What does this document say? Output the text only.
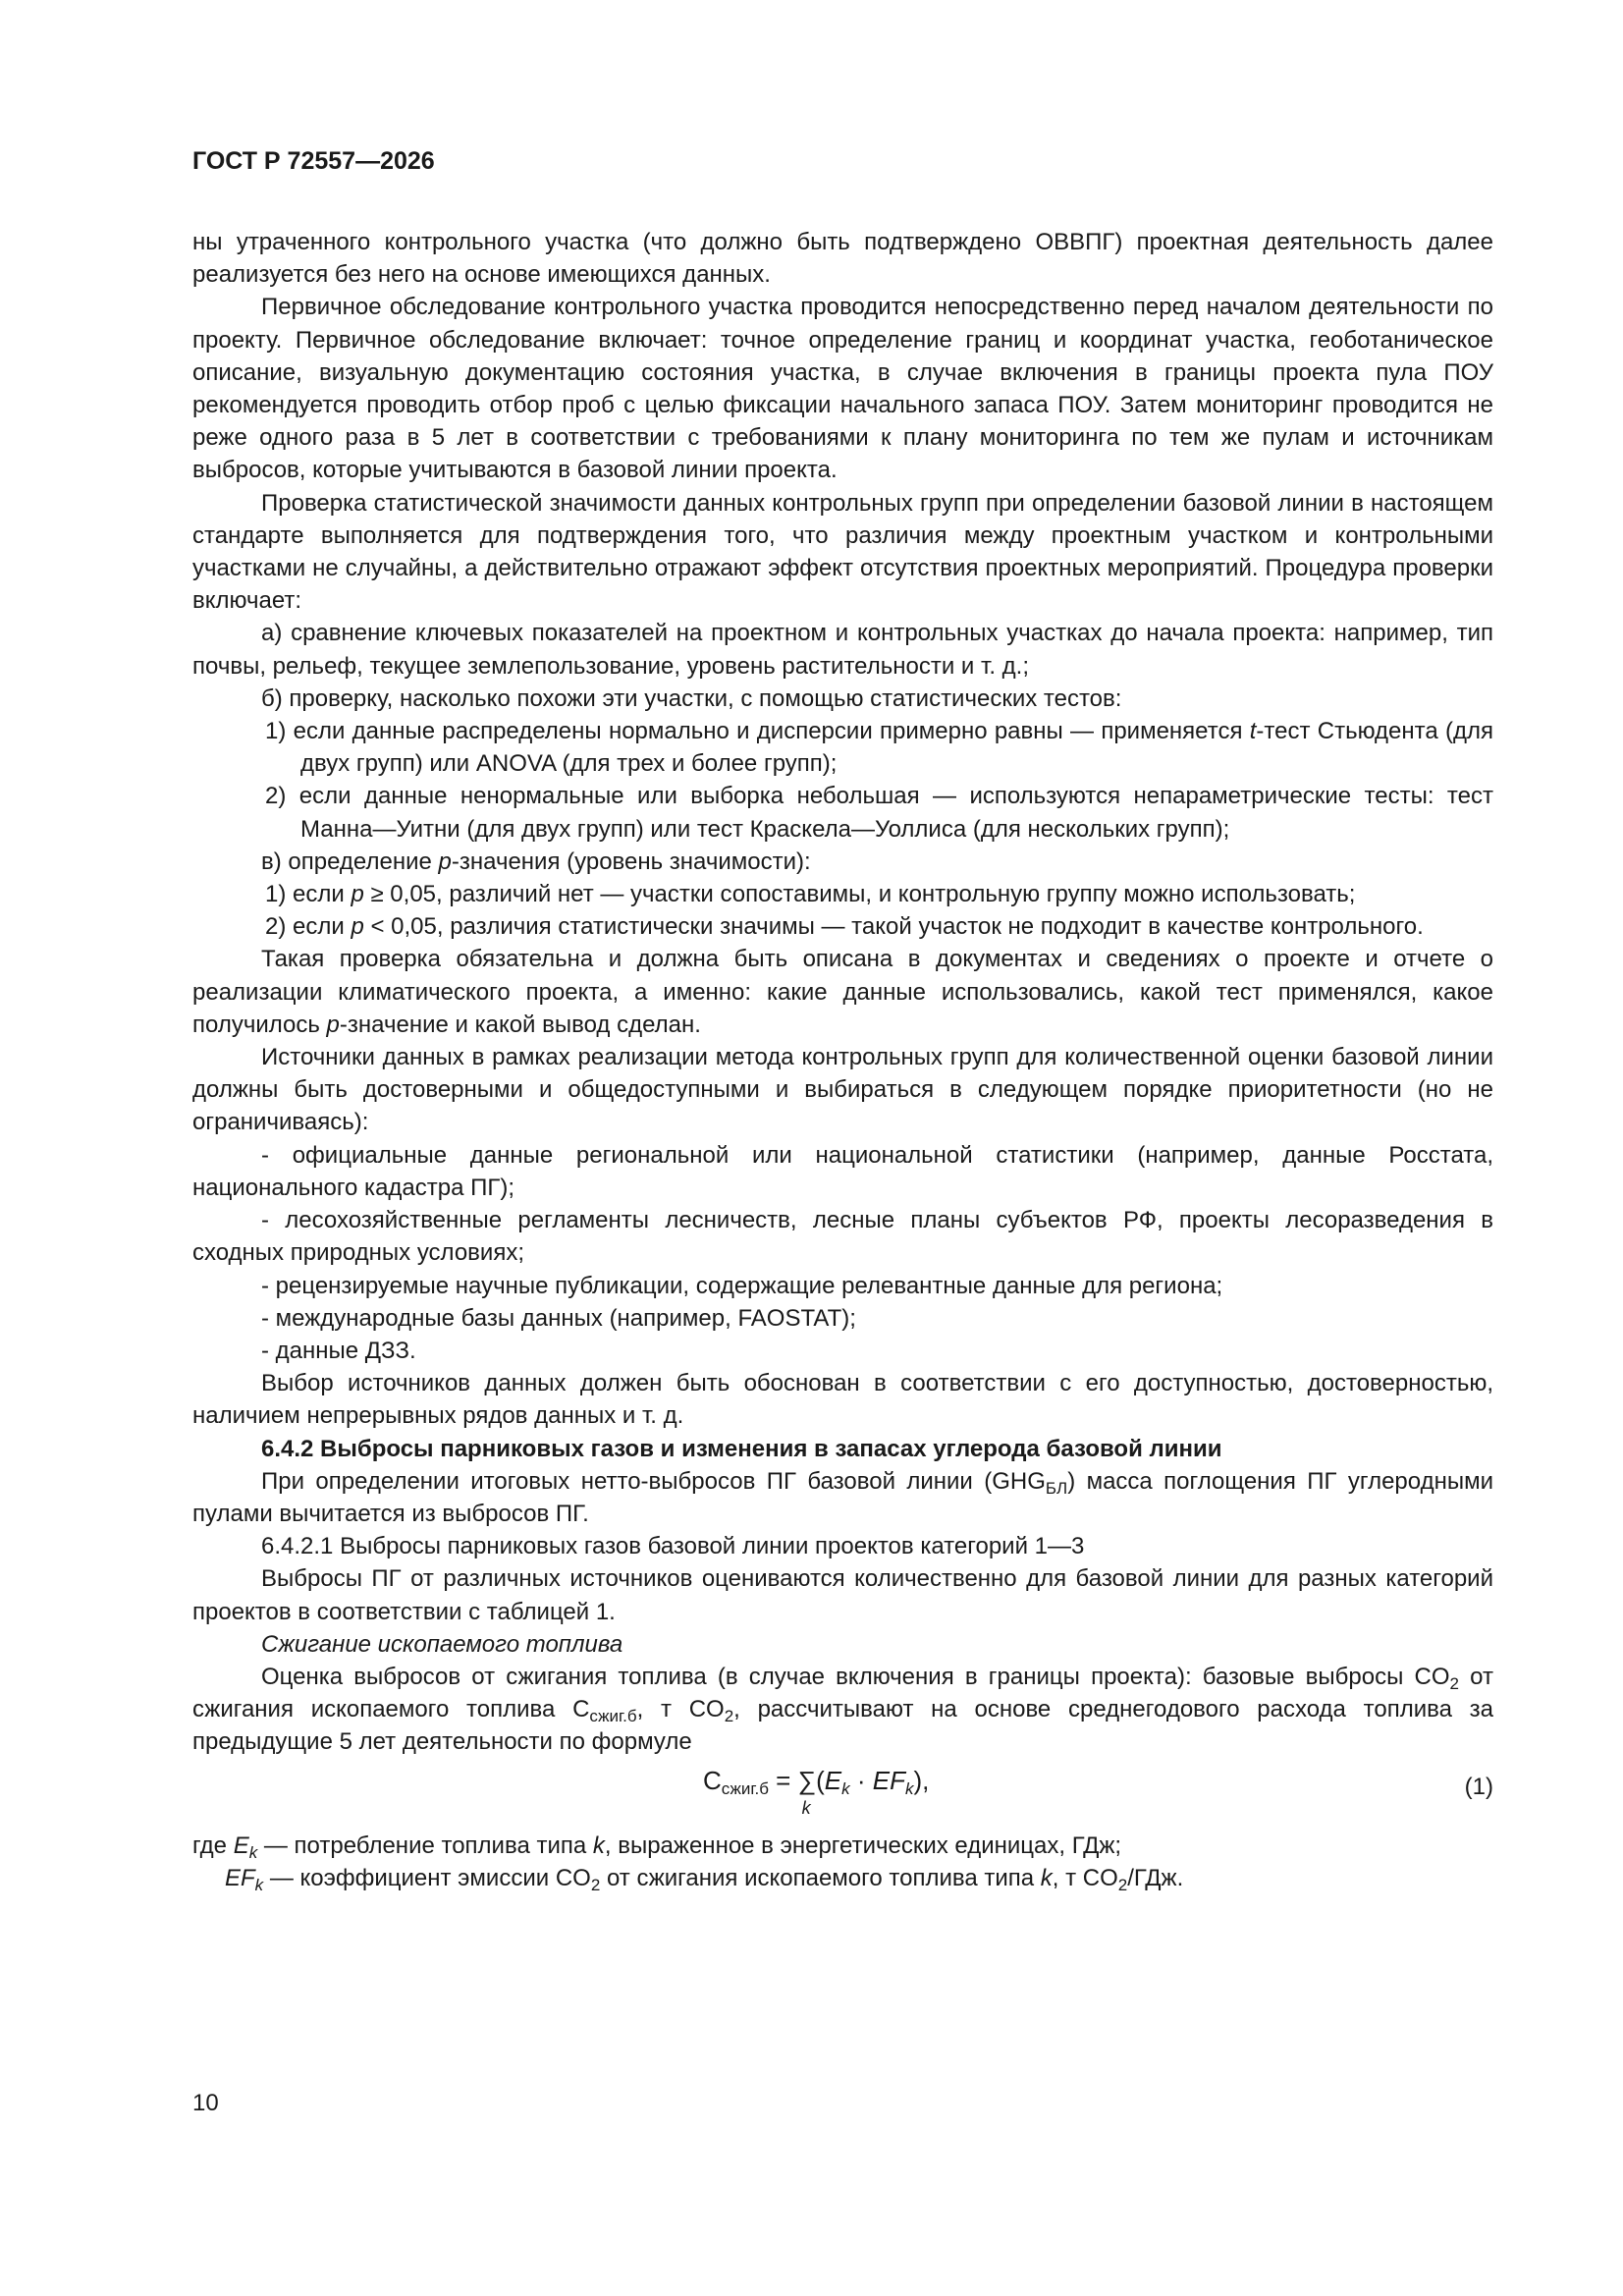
ГОСТ Р 72557—2026

ны утраченного контрольного участка (что должно быть подтверждено ОВВПГ) проектная деятельность далее реализуется без него на основе имеющихся данных.

Первичное обследование контрольного участка проводится непосредственно перед началом деятельности по проекту. Первичное обследование включает: точное определение границ и координат участка, геоботаническое описание, визуальную документацию состояния участка, в случае включения в границы проекта пула ПОУ рекомендуется проводить отбор проб с целью фиксации начального запаса ПОУ. Затем мониторинг проводится не реже одного раза в 5 лет в соответствии с требованиями к плану мониторинга по тем же пулам и источникам выбросов, которые учитываются в базовой линии проекта.

Проверка статистической значимости данных контрольных групп при определении базовой линии в настоящем стандарте выполняется для подтверждения того, что различия между проектным участком и контрольными участками не случайны, а действительно отражают эффект отсутствия проектных мероприятий. Процедура проверки включает:

а) сравнение ключевых показателей на проектном и контрольных участках до начала проекта: например, тип почвы, рельеф, текущее землепользование, уровень растительности и т. д.;

б) проверку, насколько похожи эти участки, с помощью статистических тестов:

1) если данные распределены нормально и дисперсии примерно равны — применяется t-тест Стьюдента (для двух групп) или ANOVA (для трех и более групп);

2) если данные ненормальные или выборка небольшая — используются непараметрические тесты: тест Манна—Уитни (для двух групп) или тест Краскела—Уоллиса (для нескольких групп);

в) определение p-значения (уровень значимости):

1) если p ≥ 0,05, различий нет — участки сопоставимы, и контрольную группу можно использовать;

2) если p < 0,05, различия статистически значимы — такой участок не подходит в качестве контрольного.

Такая проверка обязательна и должна быть описана в документах и сведениях о проекте и отчете о реализации климатического проекта, а именно: какие данные использовались, какой тест применялся, какое получилось p-значение и какой вывод сделан.

Источники данных в рамках реализации метода контрольных групп для количественной оценки базовой линии должны быть достоверными и общедоступными и выбираться в следующем порядке приоритетности (но не ограничиваясь):

- официальные данные региональной или национальной статистики (например, данные Росстата, национального кадастра ПГ);

- лесохозяйственные регламенты лесничеств, лесные планы субъектов РФ, проекты лесоразведения в сходных природных условиях;

- рецензируемые научные публикации, содержащие релевантные данные для региона;

- международные базы данных (например, FAOSTAT);

- данные ДЗЗ.

Выбор источников данных должен быть обоснован в соответствии с его доступностью, достоверностью, наличием непрерывных рядов данных и т. д.

6.4.2 Выбросы парниковых газов и изменения в запасах углерода базовой линии

При определении итоговых нетто-выбросов ПГ базовой линии $(GHG_{БЛ})$ масса поглощения ПГ углеродными пулами вычитается из выбросов ПГ.

6.4.2.1 Выбросы парниковых газов базовой линии проектов категорий 1—3

Выбросы ПГ от различных источников оцениваются количественно для базовой линии для разных категорий проектов в соответствии с таблицей 1.

Сжигание ископаемого топлива

Оценка выбросов от сжигания топлива (в случае включения в границы проекта): базовые выбросы $CO_2$ от сжигания ископаемого топлива $С_{сжиг.б}$, т $CO_2$, рассчитывают на основе среднегодового расхода топлива за предыдущие 5 лет деятельности по формуле

$С_{сжиг.б}$ = ∑
k
$(E_k \cdot EF_k)$,	(1)

где $E_k$ — потребление топлива типа k, выраженное в энергетических единицах, ГДж;

$EF_k$ — коэффициент эмиссии $CO_2$ от сжигания ископаемого топлива типа k, т $CO_2$/ГДж.

10
